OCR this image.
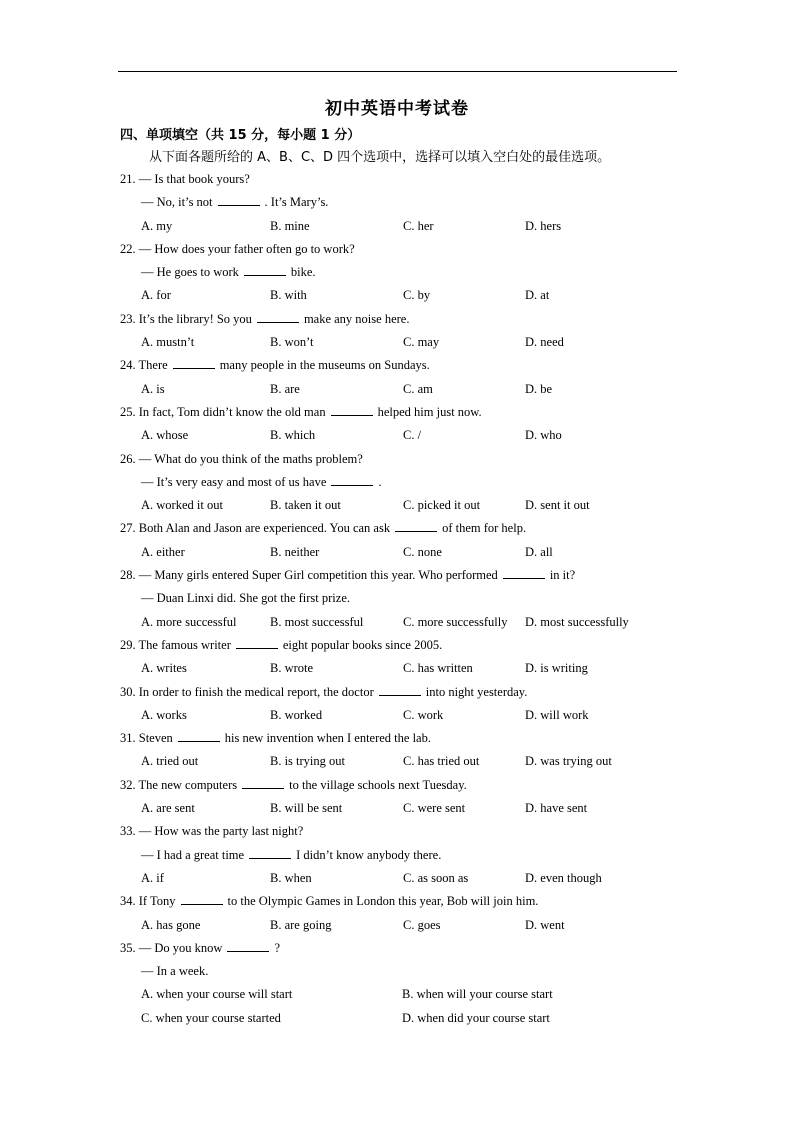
初中英语中考试卷
四、单项填空（共 15 分，每小题 1 分）
从下面各题所给的 A、B、C、D 四个选项中，选择可以填入空白处的最佳选项。
21. — Is that book yours?
— No, it’s not	. It’s Mary’s.
A. my	B. mine	C. her	D. hers
22. — How does your father often go to work?
— He goes to work	bike.
A. for	B. with	C. by	D. at
23. It’s the library! So you	make any noise here.
A. mustn’t	B. won’t	C. may	D. need
24. There	many people in the museums on Sundays.
A. is	B. are	C. am	D. be
25. In fact, Tom didn’t know the old man	helped him just now.
A. whose	B. which	C. /	D. who
26. — What do you think of the maths problem?
— It’s very easy and most of us have	.
A. worked it out	B. taken it out	C. picked it out	D. sent it out
27. Both Alan and Jason are experienced. You can ask	of them for help.
A. either	B. neither	C. none	D. all
28. — Many girls entered Super Girl competition this year. Who performed	in it?
— Duan Linxi did. She got the first prize.
A. more successful	B. most successful	C. more successfully D. most successfully
29. The famous writer	eight popular books since 2005.
A. writes	B. wrote	C. has written	D. is writing
30. In order to finish the medical report, the doctor	into night yesterday.
A. works	B. worked	C. work	D. will work
31. Steven	his new invention when I entered the lab.
A. tried out	B. is trying out	C. has tried out	D. was trying out
32. The new computers	to the village schools next Tuesday.
A. are sent	B. will be sent	C. were sent	D. have sent
33. — How was the party last night?
— I had a great time	I didn’t know anybody there.
A. if	B. when	C. as soon as	D. even though
34. If Tony	to the Olympic Games in London this year, Bob will join him.
A. has gone	B. are going	C. goes	D. went
35. — Do you know	?
— In a week.
A. when your course will start	B. when will your course start
C. when your course started	D. when did your course start
